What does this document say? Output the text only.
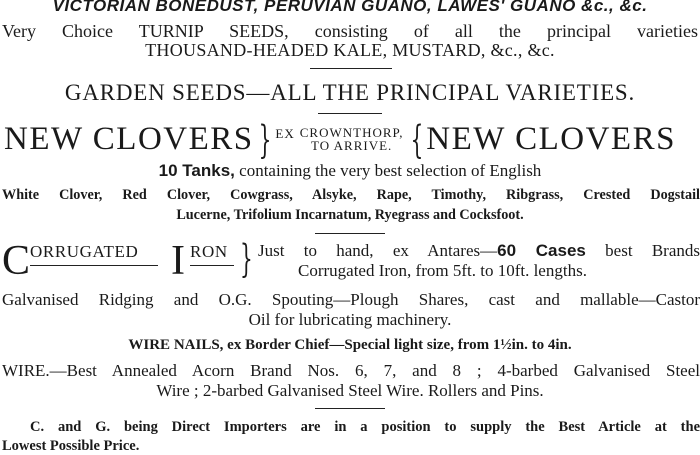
VICTORIAN BONEDUST, PERUVIAN GUANO, LAWES' GUANO &c., &c.
Very Choice TURNIP SEEDS, consisting of all the principal varieties
THOUSAND-HEADED KALE, MUSTARD, &c., &c.
GARDEN SEEDS—ALL THE PRINCIPAL VARIETIES.
NEW CLOVERS } EX CROWNTHORP,
TO ARRIVE. { NEW CLOVERS
10 Tanks, containing the very best selection of English
White Clover, Red Clover, Cowgrass, Alsyke, Rape, Timothy, Ribgrass, Crested Dogstail
Lucerne, Trifolium Incarnatum, Ryegrass and Cocksfoot.
C ORRUGATED I RON } Just to hand, ex Antares—60 Cases best Brands
Corrugated Iron, from 5ft. to 10ft. lengths.
Galvanised Ridging and O.G. Spouting—Plough Shares, cast and mallable—Castor
Oil for lubricating machinery.
WIRE NAILS, ex Border Chief—Special light size, from 1½in. to 4in.
WIRE.—Best Annealed Acorn Brand Nos. 6, 7, and 8 ; 4-barbed Galvanised Steel
Wire ; 2-barbed Galvanised Steel Wire. Rollers and Pins.
C. and G. being Direct Importers are in a position to supply the Best Article at the
Lowest Possible Price.
